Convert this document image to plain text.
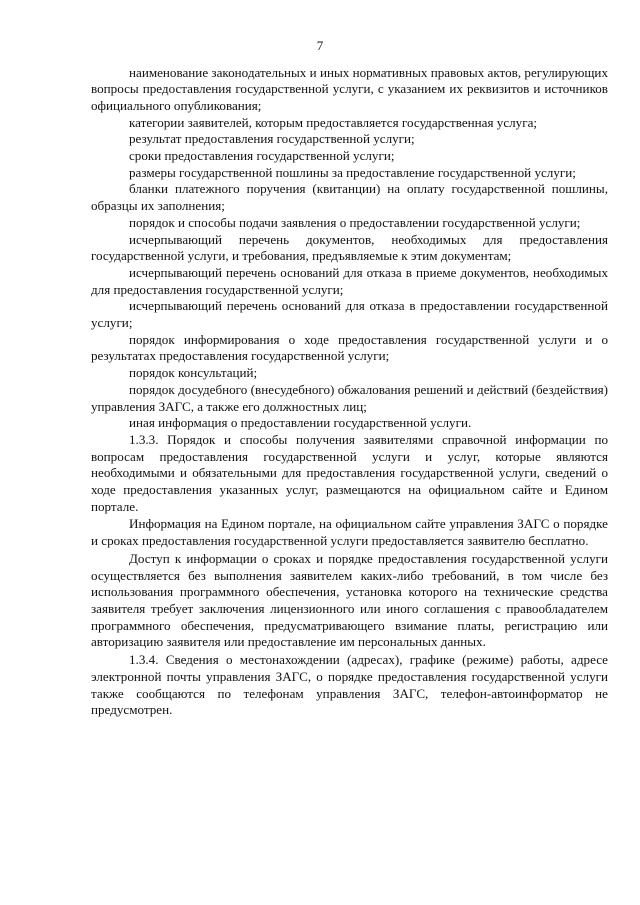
7

наименование законодательных и иных нормативных правовых актов, регулирующих вопросы предоставления государственной услуги, с указанием их реквизитов и источников официального опубликования;

категории заявителей, которым предоставляется государственная услуга;

результат предоставления государственной услуги;

сроки предоставления государственной услуги;

размеры государственной пошлины за предоставление государственной услуги;

бланки платежного поручения (квитанции) на оплату государственной пошлины, образцы их заполнения;

порядок и способы подачи заявления о предоставлении государственной услуги;

исчерпывающий перечень документов, необходимых для предоставления государственной услуги, и требования, предъявляемые к этим документам;

исчерпывающий перечень оснований для отказа в приеме документов, необходимых для предоставления государственной услуги;

исчерпывающий перечень оснований для отказа в предоставлении государственной услуги;

порядок информирования о ходе предоставления государственной услуги и о результатах предоставления государственной услуги;

порядок консультаций;

порядок досудебного (внесудебного) обжалования решений и действий (бездействия) управления ЗАГС, а также его должностных лиц;

иная информация о предоставлении государственной услуги.

1.3.3. Порядок и способы получения заявителями справочной информации по вопросам предоставления государственной услуги и услуг, которые являются необходимыми и обязательными для предоставления государственной услуги, сведений о ходе предоставления указанных услуг, размещаются на официальном сайте и Едином портале.

Информация на Едином портале, на официальном сайте управления ЗАГС о порядке и сроках предоставления государственной услуги предоставляется заявителю бесплатно.

Доступ к информации о сроках и порядке предоставления государственной услуги осуществляется без выполнения заявителем каких-либо требований, в том числе без использования программного обеспечения, установка которого на технические средства заявителя требует заключения лицензионного или иного соглашения с правообладателем программного обеспечения, предусматривающего взимание платы, регистрацию или авторизацию заявителя или предоставление им персональных данных.

1.3.4. Сведения о местонахождении (адресах), графике (режиме) работы, адресе электронной почты управления ЗАГС, о порядке предоставления государственной услуги также сообщаются по телефонам управления ЗАГС, телефон-автоинформатор не предусмотрен.
